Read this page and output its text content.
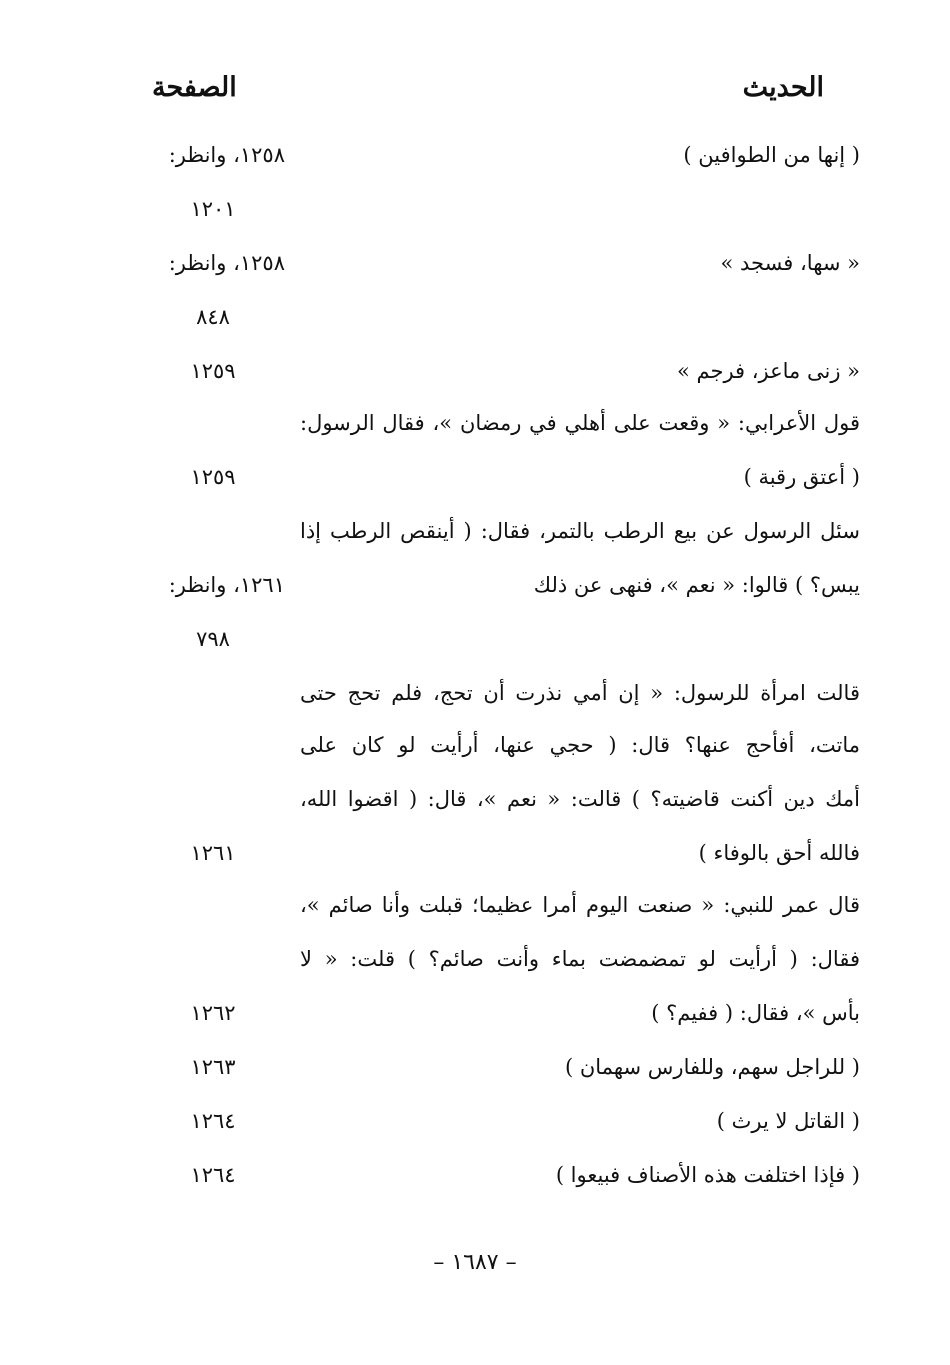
الحديث
الصفحة
( إنها من الطوافين )
١٢٥٨، وانظر:
١٢٠١
« سها، فسجد »
١٢٥٨، وانظر:
٨٤٨
« زنى ماعز، فرجم »
١٢٥٩
قول الأعرابي: « وقعت على أهلي في رمضان »، فقال الرسول:
( أعتق رقبة )
١٢٥٩
سئل الرسول عن بيع الرطب بالتمر، فقال: ( أينقص الرطب إذا
يبس؟ ) قالوا: « نعم »، فنهى عن ذلك
١٢٦١، وانظر:
٧٩٨
قالت امرأة للرسول: « إن أمي نذرت أن تحج، فلم تحج حتى
ماتت، أفأحج عنها؟ قال: ( حجي عنها، أرأيت لو كان على
أمك دين أكنت قاضيته؟ ) قالت: « نعم »، قال: ( اقضوا الله،
فالله أحق بالوفاء )
١٢٦١
قال عمر للنبي: « صنعت اليوم أمرا عظيما؛ قبلت وأنا صائم »،
فقال: ( أرأيت لو تمضمضت بماء وأنت صائم؟ ) قلت: « لا
بأس »، فقال: ( ففيم؟ )
١٢٦٢
( للراجل سهم، وللفارس سهمان )
١٢٦٣
( القاتل لا يرث )
١٢٦٤
( فإذا اختلفت هذه الأصناف فبيعوا )
١٢٦٤
– ١٦٨٧ –
